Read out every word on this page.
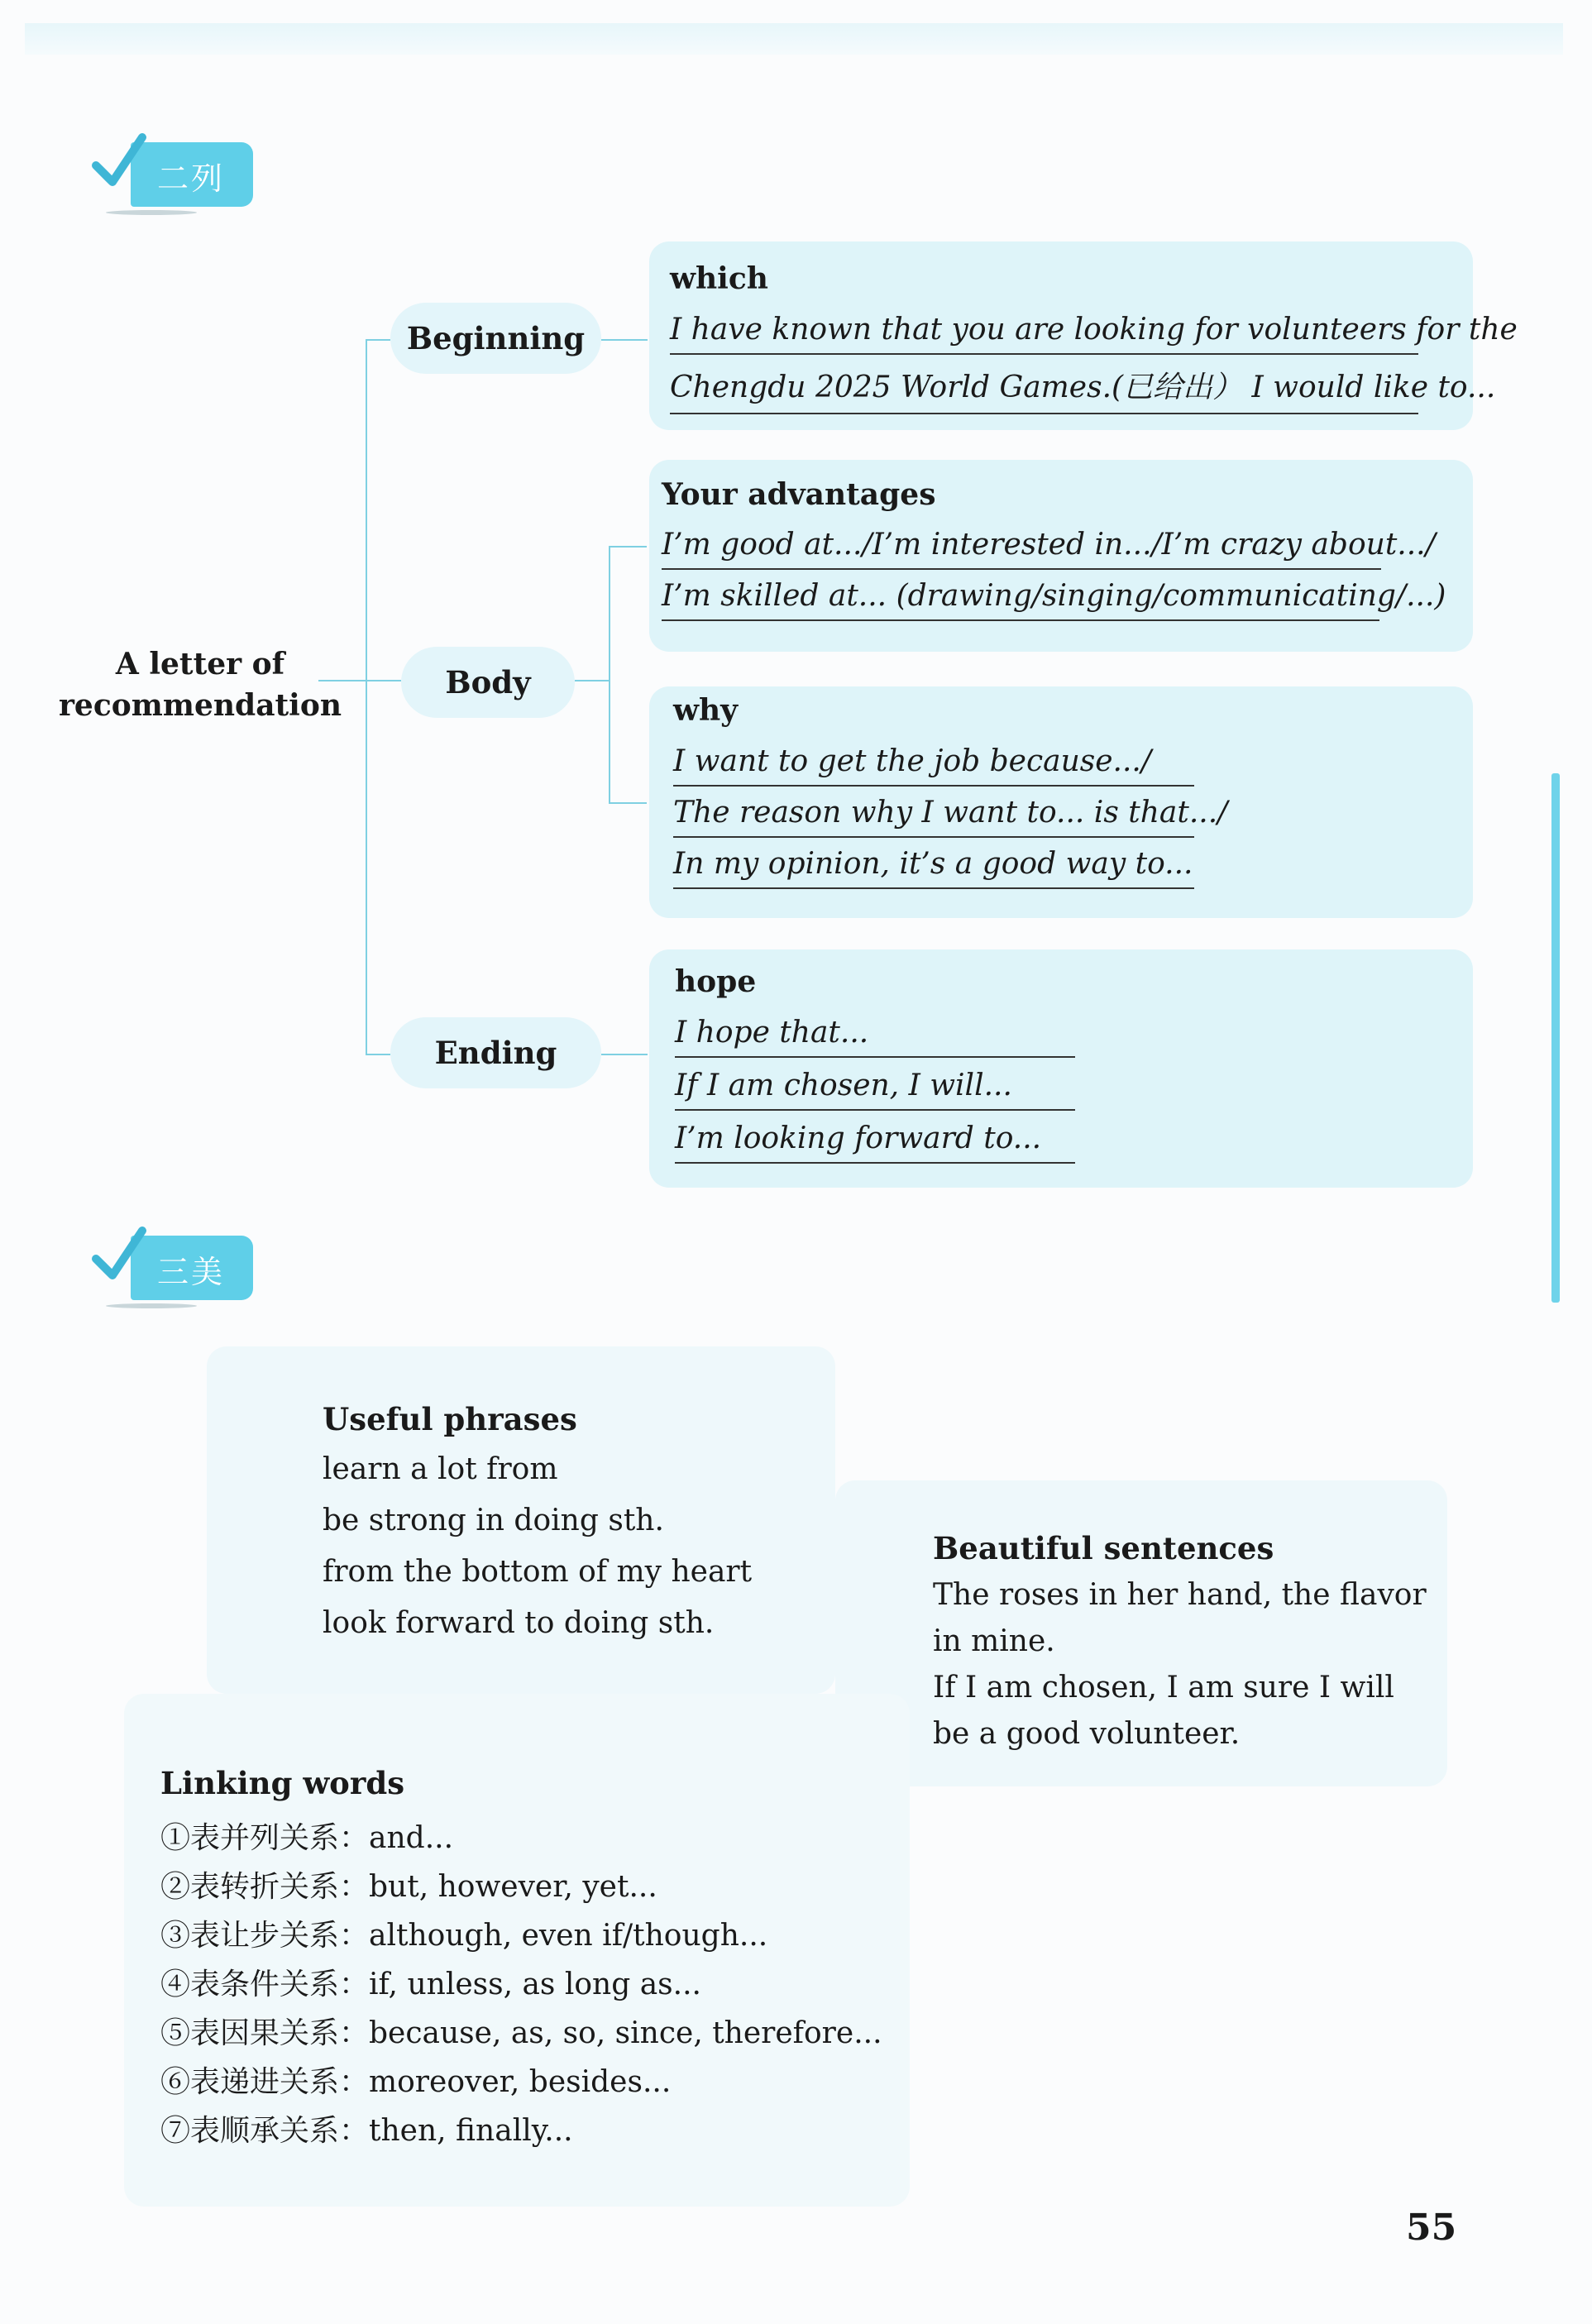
二列
A letter of recommendation
Beginning
Body
Ending
which
I have known that you are looking for volunteers for the
Chengdu 2025 World Games.(已给出） I would like to...
Your advantages
I’m good at.../I’m interested in.../I’m crazy about.../
I’m skilled at... (drawing/singing/communicating/...)
why
I want to get the job because.../
The reason why I want to... is that.../
In my opinion, it’s a good way to...
hope
I hope that...
If I am chosen, I will...
I’m looking forward to...
三美
Useful phrases
learn a lot from
be strong in doing sth.
from the bottom of my heart
look forward to doing sth.
Beautiful sentences
The roses in her hand, the flavor
in mine.
If I am chosen, I am sure I will
be a good volunteer.
Linking words
①表并列关系：and...
②表转折关系：but, however, yet...
③表让步关系：although, even if/though...
④表条件关系：if, unless, as long as...
⑤表因果关系：because, as, so, since, therefore...
⑥表递进关系：moreover, besides...
⑦表顺承关系：then, finally...
55
